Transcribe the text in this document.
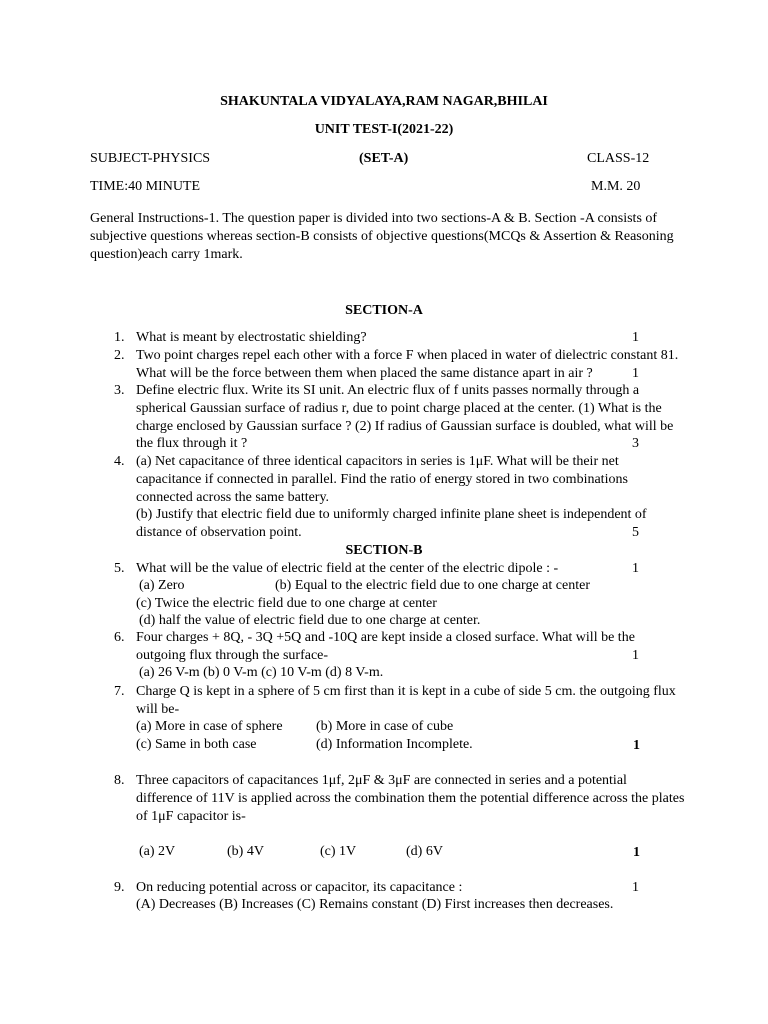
SHAKUNTALA VIDYALAYA,RAM NAGAR,BHILAI
UNIT TEST-I(2021-22)
SUBJECT-PHYSICS	(SET-A)	CLASS-12
TIME:40 MINUTE	M.M. 20
General Instructions-1. The question paper is divided into two sections-A & B. Section -A consists of
subjective questions whereas section-B consists of objective questions(MCQs & Assertion & Reasoning
question)each carry 1mark.
SECTION-A
1. What is meant by electrostatic shielding?	1
2. Two point charges repel each other with a force F when placed in water of dielectric constant 81.
What will be the force between them when placed the same distance apart in air ?	1
3. Define electric flux. Write its SI unit. An electric flux of f units passes normally through a
spherical Gaussian surface of radius r, due to point charge placed at the center. (1) What is the
charge enclosed by Gaussian surface ? (2) If radius of Gaussian surface is doubled, what will be
the flux through it ?	3
4. (a) Net capacitance of three identical capacitors in series is 1μF. What will be their net
capacitance if connected in parallel. Find the ratio of energy stored in two combinations
connected across the same battery.
(b) Justify that electric field due to uniformly charged infinite plane sheet is independent of
distance of observation point.	5
SECTION-B
5. What will be the value of electric field at the center of the electric dipole : -	1
(a) Zero	(b) Equal to the electric field due to one charge at center
(c) Twice the electric field due to one charge at center
(d) half the value of electric field due to one charge at center.
6. Four charges + 8Q, - 3Q +5Q and -10Q are kept inside a closed surface. What will be the
outgoing flux through the surface-	1
(a) 26 V-m (b) 0 V-m (c) 10 V-m (d) 8 V-m.
7. Charge Q is kept in a sphere of 5 cm first than it is kept in a cube of side 5 cm. the outgoing flux
will be-
(a) More in case of sphere (b) More in case of cube
(c) Same in both case	(d) Information Incomplete.	1
8. Three capacitors of capacitances 1μf, 2μF & 3μF are connected in series and a potential
difference of 11V is applied across the combination them the potential difference across the plates
of 1μF capacitor is-
(a) 2V	(b) 4V	(c) 1V	(d) 6V	1
9. On reducing potential across or capacitor, its capacitance :	1
(A) Decreases (B) Increases (C) Remains constant (D) First increases then decreases.
